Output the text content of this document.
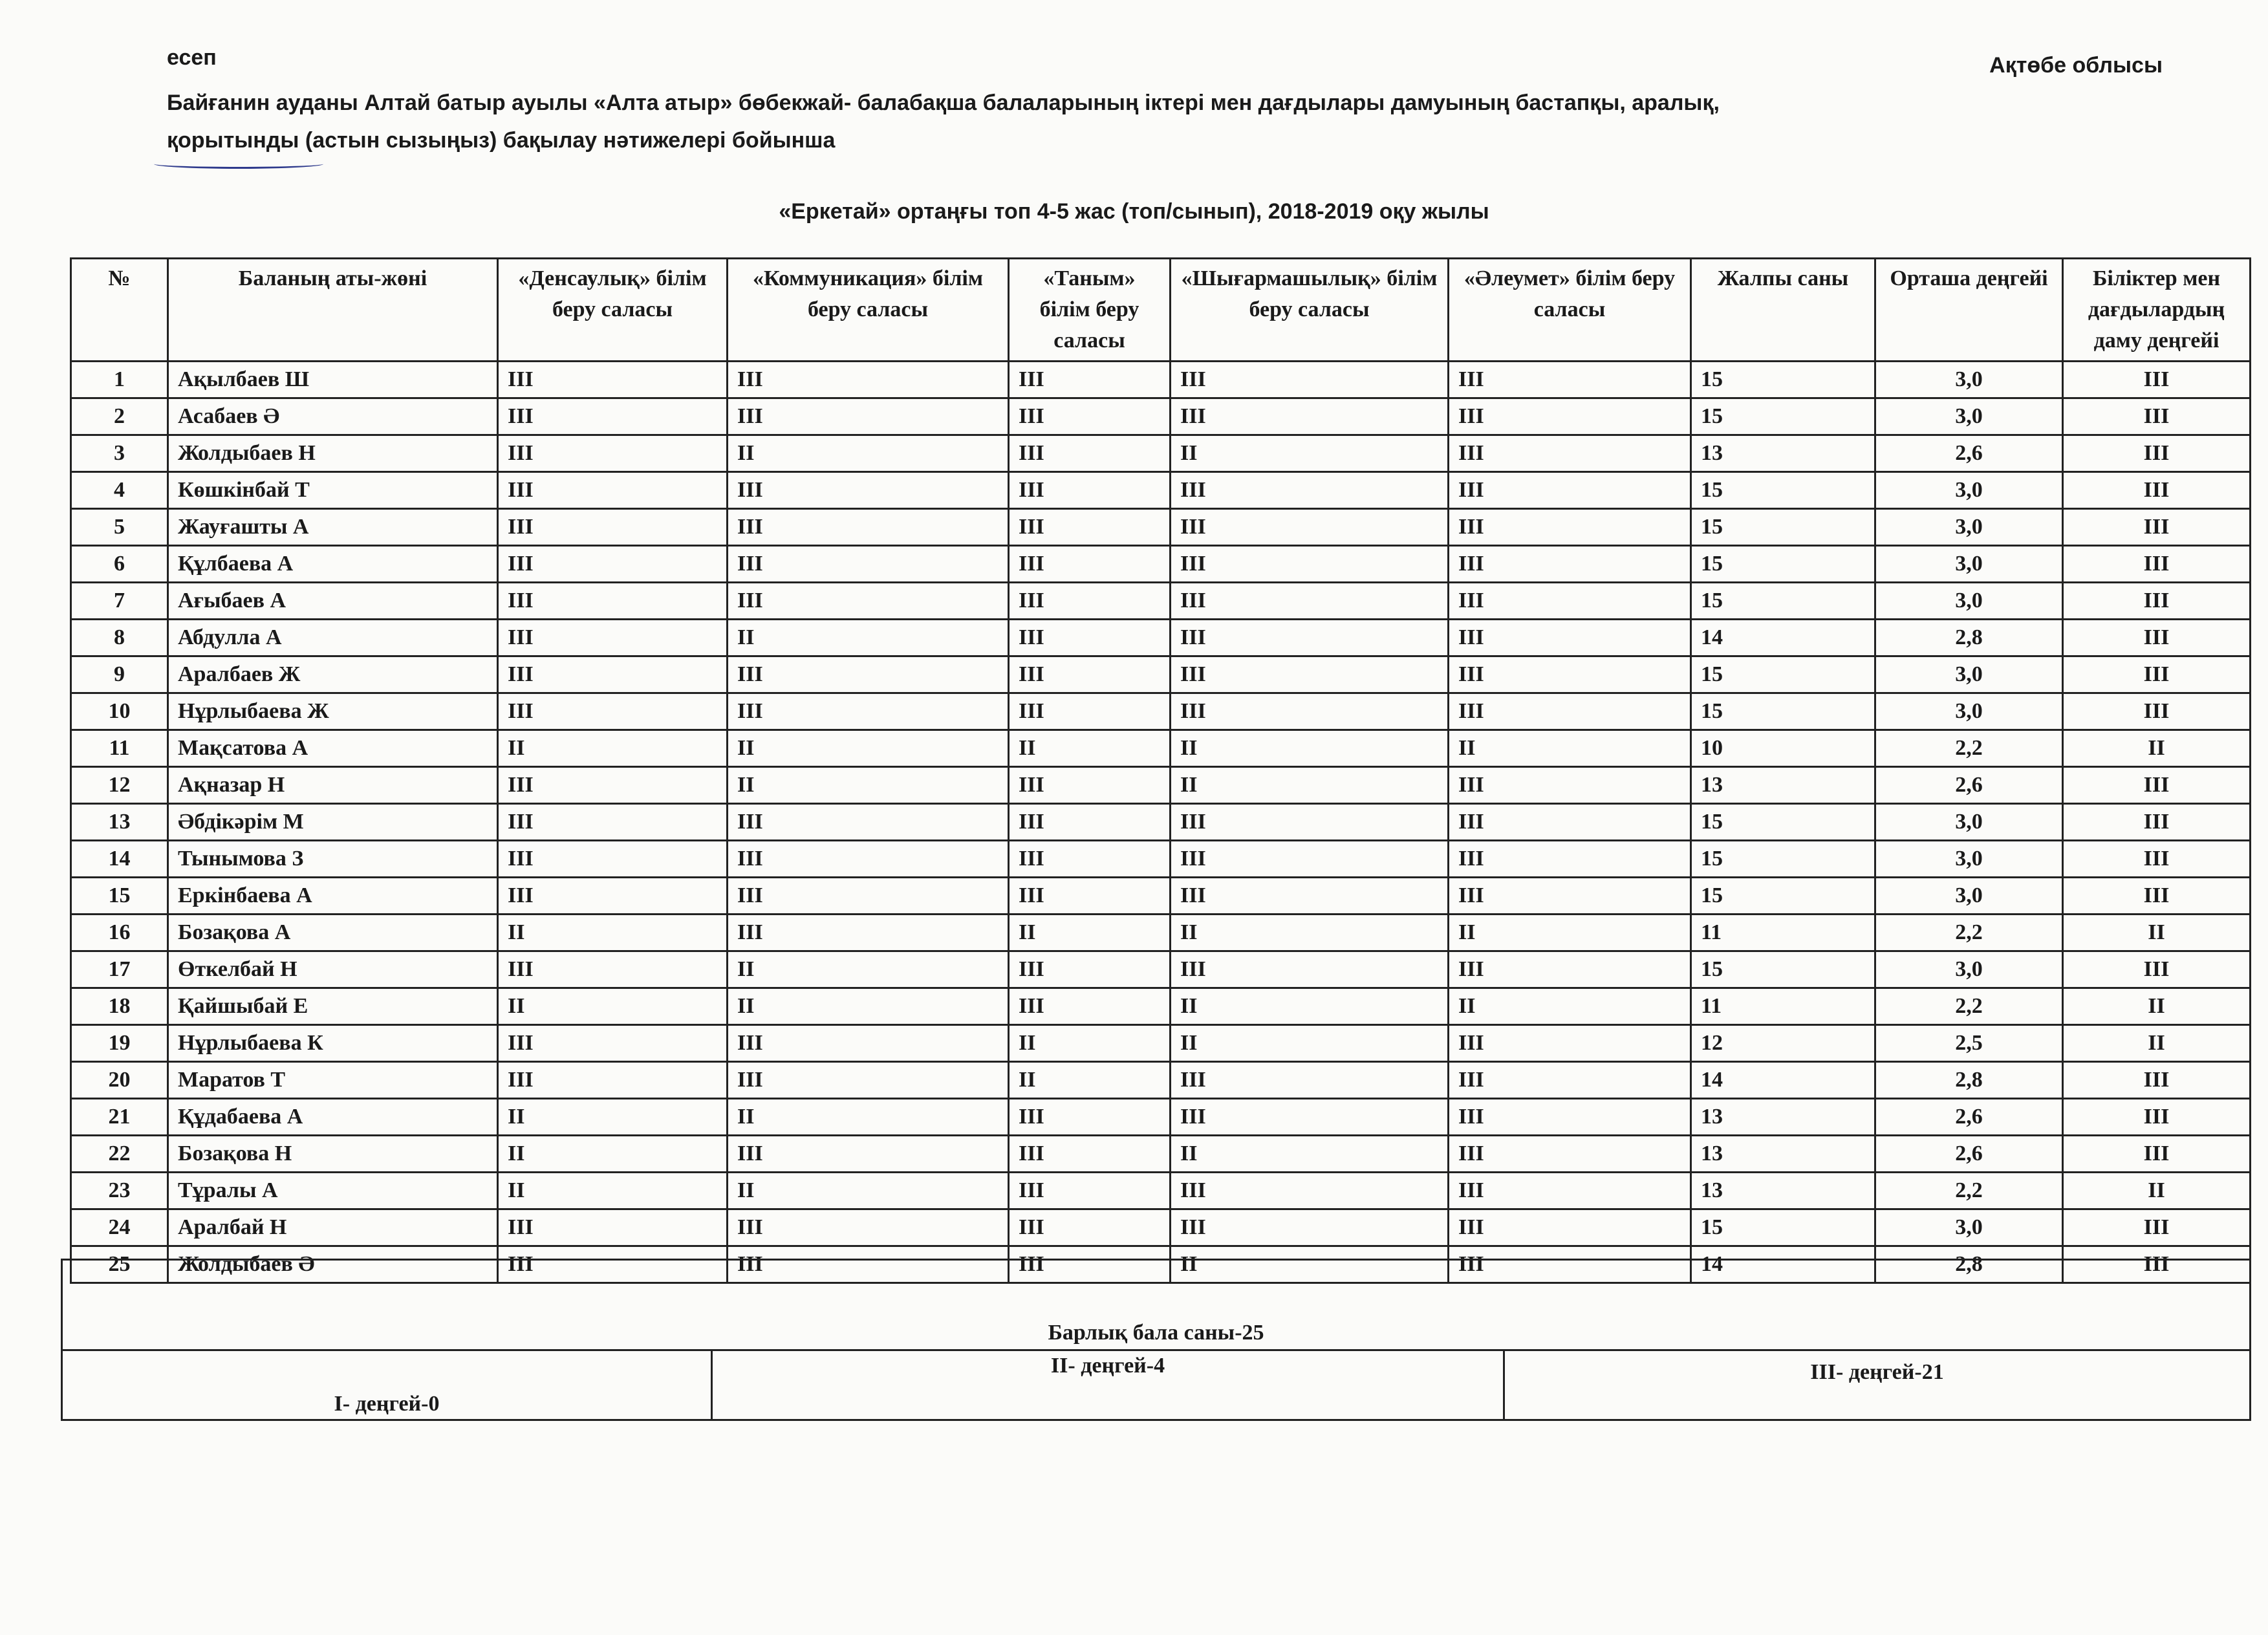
есеп	Ақтөбе облысы
Байғанин ауданы Алтай батыр ауылы «Алта атыр» бөбекжай- балабақша балаларының іктері мен дағдылары дамуының бастапқы, аралық,
қорытынды (астын сызыңыз) бақылау нәтижелері бойынша
«Еркетай» ортаңғы топ 4-5 жас (топ/сынып), 2018-2019 оқу жылы
№	Баланың аты-жөні	«Денсаулық» білім беру саласы	«Коммуникация» білім беру саласы	«Таным» білім беру саласы	«Шығармашылық» білім беру саласы	«Әлеумет» білім беру саласы	Жалпы саны	Орташа деңгейі	Біліктер мен дағдылардың даму деңгейі
1	Ақылбаев Ш	III	III	III	III	III	15	3,0	III
2	Асабаев Ә	III	III	III	III	III	15	3,0	III
3	Жолдыбаев Н	III	II	III	II	III	13	2,6	III
4	Көшкінбай Т	III	III	III	III	III	15	3,0	III
5	Жауғашты А	III	III	III	III	III	15	3,0	III
6	Құлбаева А	III	III	III	III	III	15	3,0	III
7	Ағыбаев А	III	III	III	III	III	15	3,0	III
8	Абдулла А	III	II	III	III	III	14	2,8	III
9	Аралбаев Ж	III	III	III	III	III	15	3,0	III
10	Нұрлыбаева Ж	III	III	III	III	III	15	3,0	III
11	Мақсатова А	II	II	II	II	II	10	2,2	II
12	Ақназар Н	III	II	III	II	III	13	2,6	III
13	Әбдікәрім М	III	III	III	III	III	15	3,0	III
14	Тынымова З	III	III	III	III	III	15	3,0	III
15	Еркінбаева А	III	III	III	III	III	15	3,0	III
16	Бозақова А	II	III	II	II	II	11	2,2	II
17	Өткелбай Н	III	II	III	III	III	15	3,0	III
18	Қайшыбай Е	II	II	III	II	II	11	2,2	II
19	Нұрлыбаева К	III	III	II	II	III	12	2,5	II
20	Маратов Т	III	III	II	III	III	14	2,8	III
21	Құдабаева А	II	II	III	III	III	13	2,6	III
22	Бозақова Н	II	III	III	II	III	13	2,6	III
23	Тұралы А	II	II	III	III	III	13	2,2	II
24	Аралбай Н	III	III	III	III	III	15	3,0	III
25	Жолдыбаев Ә	III	III	III	II	III	14	2,8	III
Барлық бала саны-25
I- деңгей-0	II- деңгей-4	III- деңгей-21
